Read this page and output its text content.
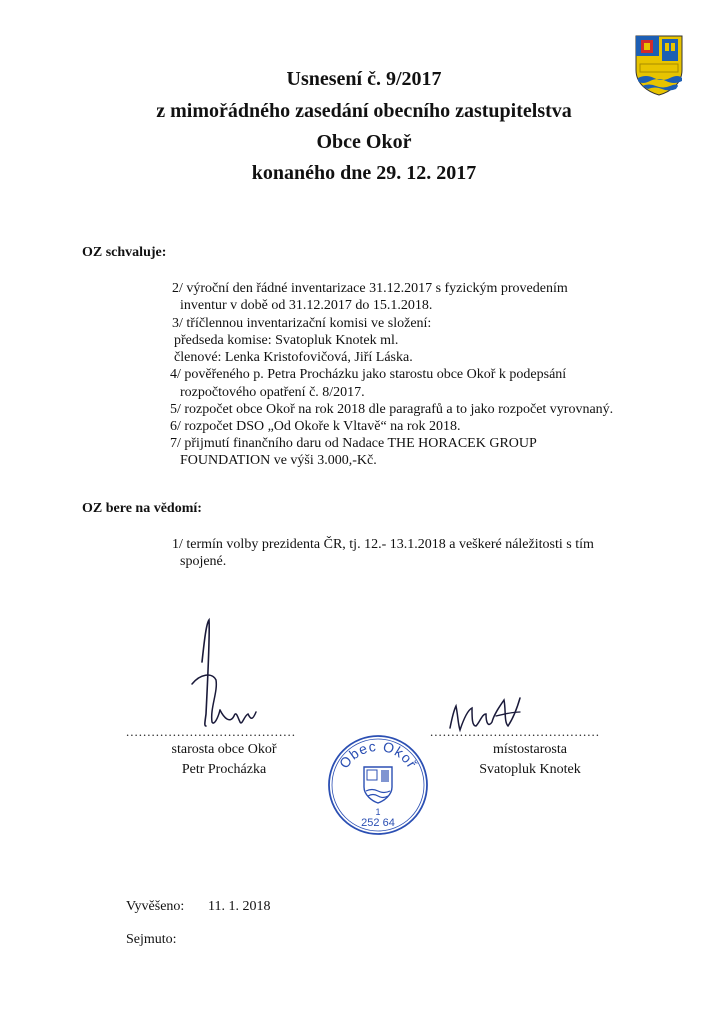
Usnesení č. 9/2017
z mimořádného zasedání obecního zastupitelstva
Obce Okoř
konaného dne 29. 12. 2017
OZ schvaluje:
2/ výroční den řádné inventarizace 31.12.2017 s fyzickým provedením
inventur v době od 31.12.2017 do 15.1.2018.
3/ tříčlennou inventarizační komisi ve složení:
předseda komise: Svatopluk Knotek ml.
členové: Lenka Kristofovičová, Jiří Láska.
4/ pověřeného p. Petra Procházku jako starostu obce Okoř k podepsání
rozpočtového opatření č. 8/2017.
5/ rozpočet obce Okoř na rok 2018 dle paragrafů a to jako rozpočet vyrovnaný.
6/ rozpočet DSO „Od Okoře k Vltavě“ na rok 2018.
7/ přijmutí finančního daru od Nadace THE HORACEK GROUP
FOUNDATION ve výši 3.000,-Kč.
OZ bere na vědomí:
1/ termín volby prezidenta ČR, tj. 12.- 13.1.2018 a veškeré náležitosti s tím
spojené.
........................................	........................................
starosta obce Okoř
Petr Procházka
místostarosta
Svatopluk Knotek
Obec Okoř
1
252 64
Vyvěšeno: 11. 1. 2018
Sejmuto:
